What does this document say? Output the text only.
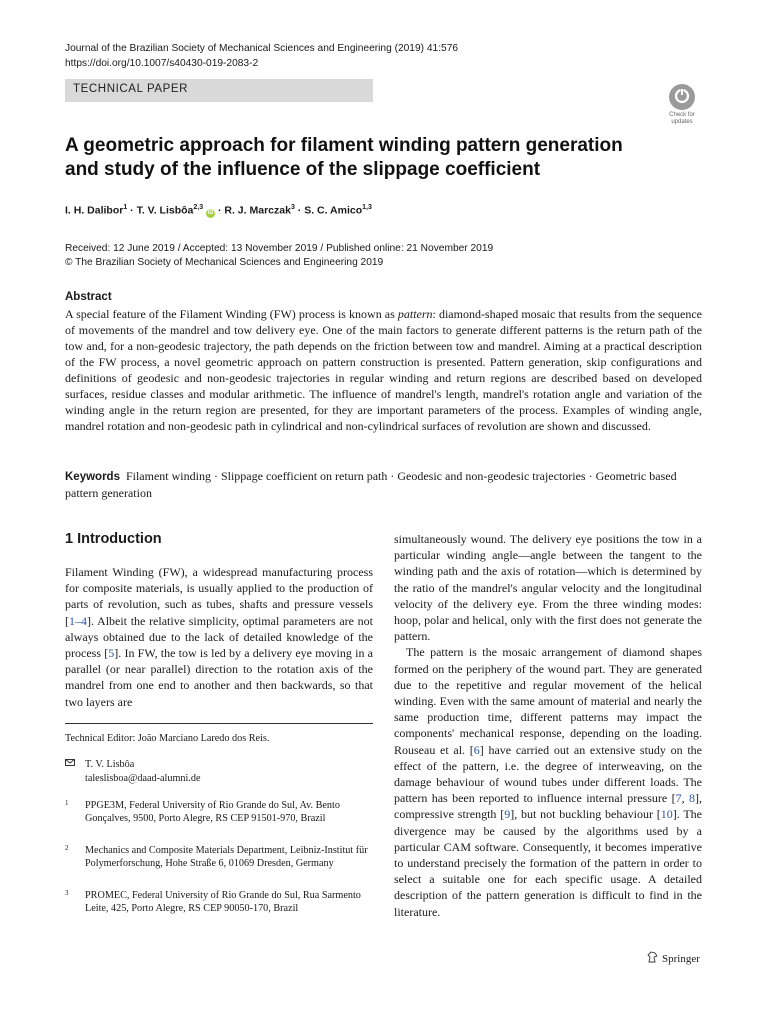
Journal of the Brazilian Society of Mechanical Sciences and Engineering (2019) 41:576
https://doi.org/10.1007/s40430-019-2083-2
TECHNICAL PAPER
Check for
updates
A geometric approach for filament winding pattern generation
and study of the influence of the slippage coefficient
I. H. Dalibor$^1$ · T. V. Lisbôa$^{2,3}$ iD · R. J. Marczak$^3$ · S. C. Amico$^{1,3}$
Received: 12 June 2019 / Accepted: 13 November 2019 / Published online: 21 November 2019
© The Brazilian Society of Mechanical Sciences and Engineering 2019
Abstract
A special feature of the Filament Winding (FW) process is known as pattern: diamond-shaped mosaic that results from the sequence of movements of the mandrel and tow delivery eye. One of the main factors to generate different patterns is the return path of the tow and, for a non-geodesic trajectory, the path depends on the friction between tow and mandrel. Aiming at a practical description of the FW process, a novel geometric approach on pattern construction is presented. Pattern generation, skip configurations and definitions of geodesic and non-geodesic trajectories in regular winding and return regions are described based on developed surfaces, residue classes and modular arithmetic. The influence of mandrel's length, mandrel's rotation angle and variation of the winding angle in the return region are presented, for they are important parameters of the process. Examples of winding angle, mandrel rotation and non-geodesic path in cylindrical and non-cylindrical surfaces of revolution are shown and discussed.
Keywords Filament winding · Slippage coefficient on return path · Geodesic and non-geodesic trajectories · Geometric based pattern generation
1 Introduction

Filament Winding (FW), a widespread manufacturing process for composite materials, is usually applied to the production of parts of revolution, such as tubes, shafts and pressure vessels [1–4]. Albeit the relative simplicity, optimal parameters are not always obtained due to the lack of detailed knowledge of the process [5]. In FW, the tow is led by a delivery eye moving in a parallel (or near parallel) direction to the rotation axis of the mandrel from one end to another and then backwards, so that two layers are

simultaneously wound. The delivery eye positions the tow in a particular winding angle—angle between the tangent to the winding path and the axis of rotation—which is determined by the ratio of the mandrel's angular velocity and the longitudinal velocity of the delivery eye. From the three winding modes: hoop, polar and helical, only with the first does not generate the pattern.

The pattern is the mosaic arrangement of diamond shapes formed on the periphery of the wound part. They are generated due to the repetitive and regular movement of the helical winding. Even with the same amount of material and nearly the same production time, different patterns may impact the components' mechanical response, depending on the loading. Rouseau et al. [6] have carried out an extensive study on the effect of the pattern, i.e. the degree of interweaving, on the damage behaviour of wound tubes under different loads. The pattern has been reported to influence internal pressure [7, 8], compressive strength [9], but not buckling behaviour [10]. The divergence may be caused by the algorithms used by a particular CAM software. Consequently, it becomes imperative to understand precisely the formation of the pattern in order to select a suitable one for each specific usage. A detailed description of the pattern generation is difficult to find in the literature.

Technical Editor: João Marciano Laredo dos Reis.
T. V. Lisbôa
taleslisboa@daad-alumni.de
1 PPGE3M, Federal University of Rio Grande do Sul, Av. Bento Gonçalves, 9500, Porto Alegre, RS CEP 91501-970, Brazil
2 Mechanics and Composite Materials Department, Leibniz-Institut für Polymerforschung, Hohe Straße 6, 01069 Dresden, Germany
3 PROMEC, Federal University of Rio Grande do Sul, Rua Sarmento Leite, 425, Porto Alegre, RS CEP 90050-170, Brazil
Springer
